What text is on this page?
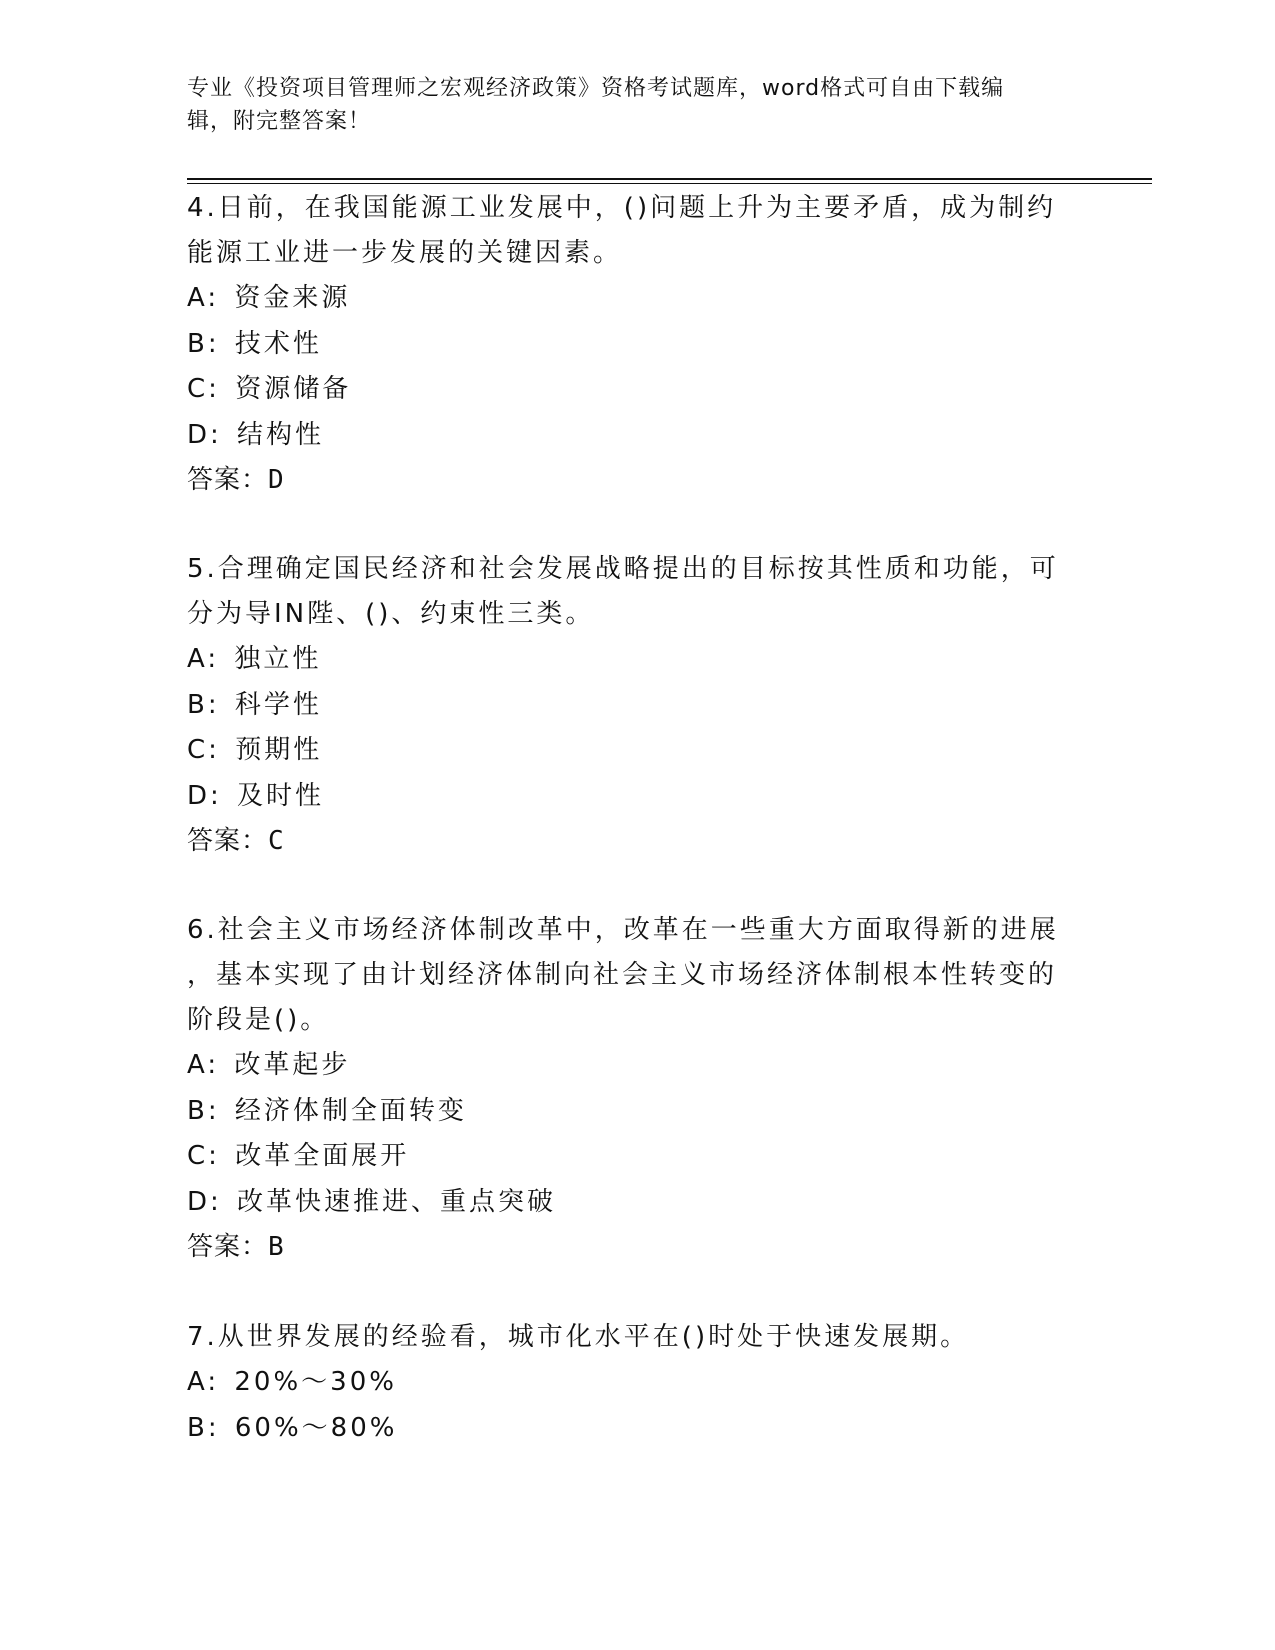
专业《投资项目管理师之宏观经济政策》资格考试题库，word格式可自由下载编
辑，附完整答案！

4.日前，在我国能源工业发展中，()问题上升为主要矛盾，成为制约
能源工业进一步发展的关键因素。

A: 资金来源

B: 技术性

C: 资源储备

D: 结构性

答案：D

5.合理确定国民经济和社会发展战略提出的目标按其性质和功能，可
分为导IN陛、()、约束性三类。

A: 独立性

B: 科学性

C: 预期性

D: 及时性

答案：C

6.社会主义市场经济体制改革中，改革在一些重大方面取得新的进展
，基本实现了由计划经济体制向社会主义市场经济体制根本性转变的
阶段是()。

A: 改革起步

B: 经济体制全面转变

C: 改革全面展开

D: 改革快速推进、重点突破

答案：B

7.从世界发展的经验看，城市化水平在()时处于快速发展期。

A: 20%～30%

B: 60%～80%
